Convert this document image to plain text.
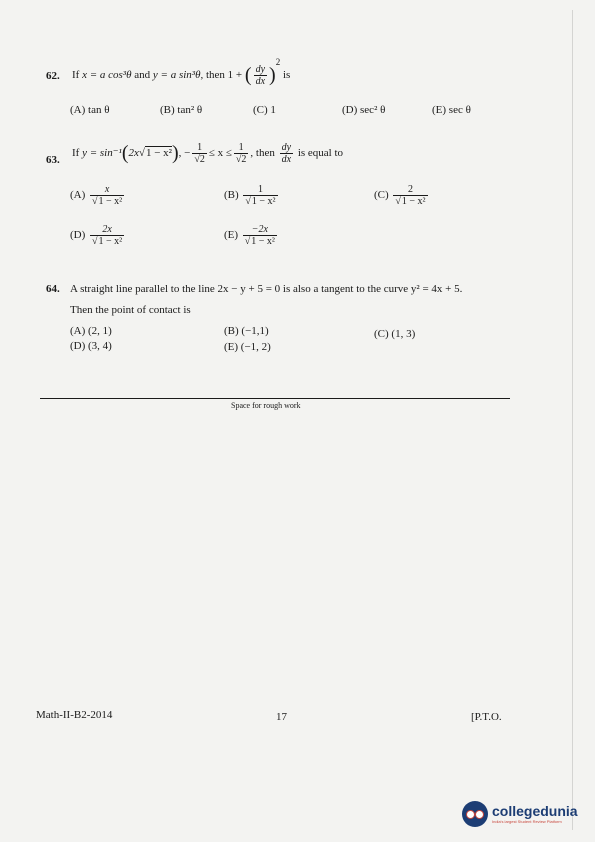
62. If x = a cos³θ and y = a sin³θ, then 1 + ( $\frac{dy}{dx} )^2$ is
(A) tan θ	(B) tan² θ	(C) 1	(D) sec² θ	(E) sec θ
63.
If y = sin⁻¹(2x√1 − x²), − $\frac{1}{√2} \le x \le \frac{1}{√2}$ , then $\frac{dy}{dx}$ is equal to
$(A) \frac{x}{\text{√1 − x²}}$	$(B) \frac{1}{\text{√1 − x²}}$	$(C) \frac{2}{\text{√1 − x²}}$
$(D) \frac{2x}{\text{√1 − x²}}$	$(E) \frac{-2x}{\text{√1 − x²}}$
64. A straight line parallel to the line 2x − y + 5 = 0 is also a tangent to the curve y² = 4x + 5.
Then the point of contact is
(A) (2, 1)	(B) (−1,1)	(C) (1, 3)
(D) (3, 4)	(E) (−1, 2)
Space for rough work
Math-II-B2-2014	17	[P.T.O.
collegedunia
India's largest Student Review Platform
